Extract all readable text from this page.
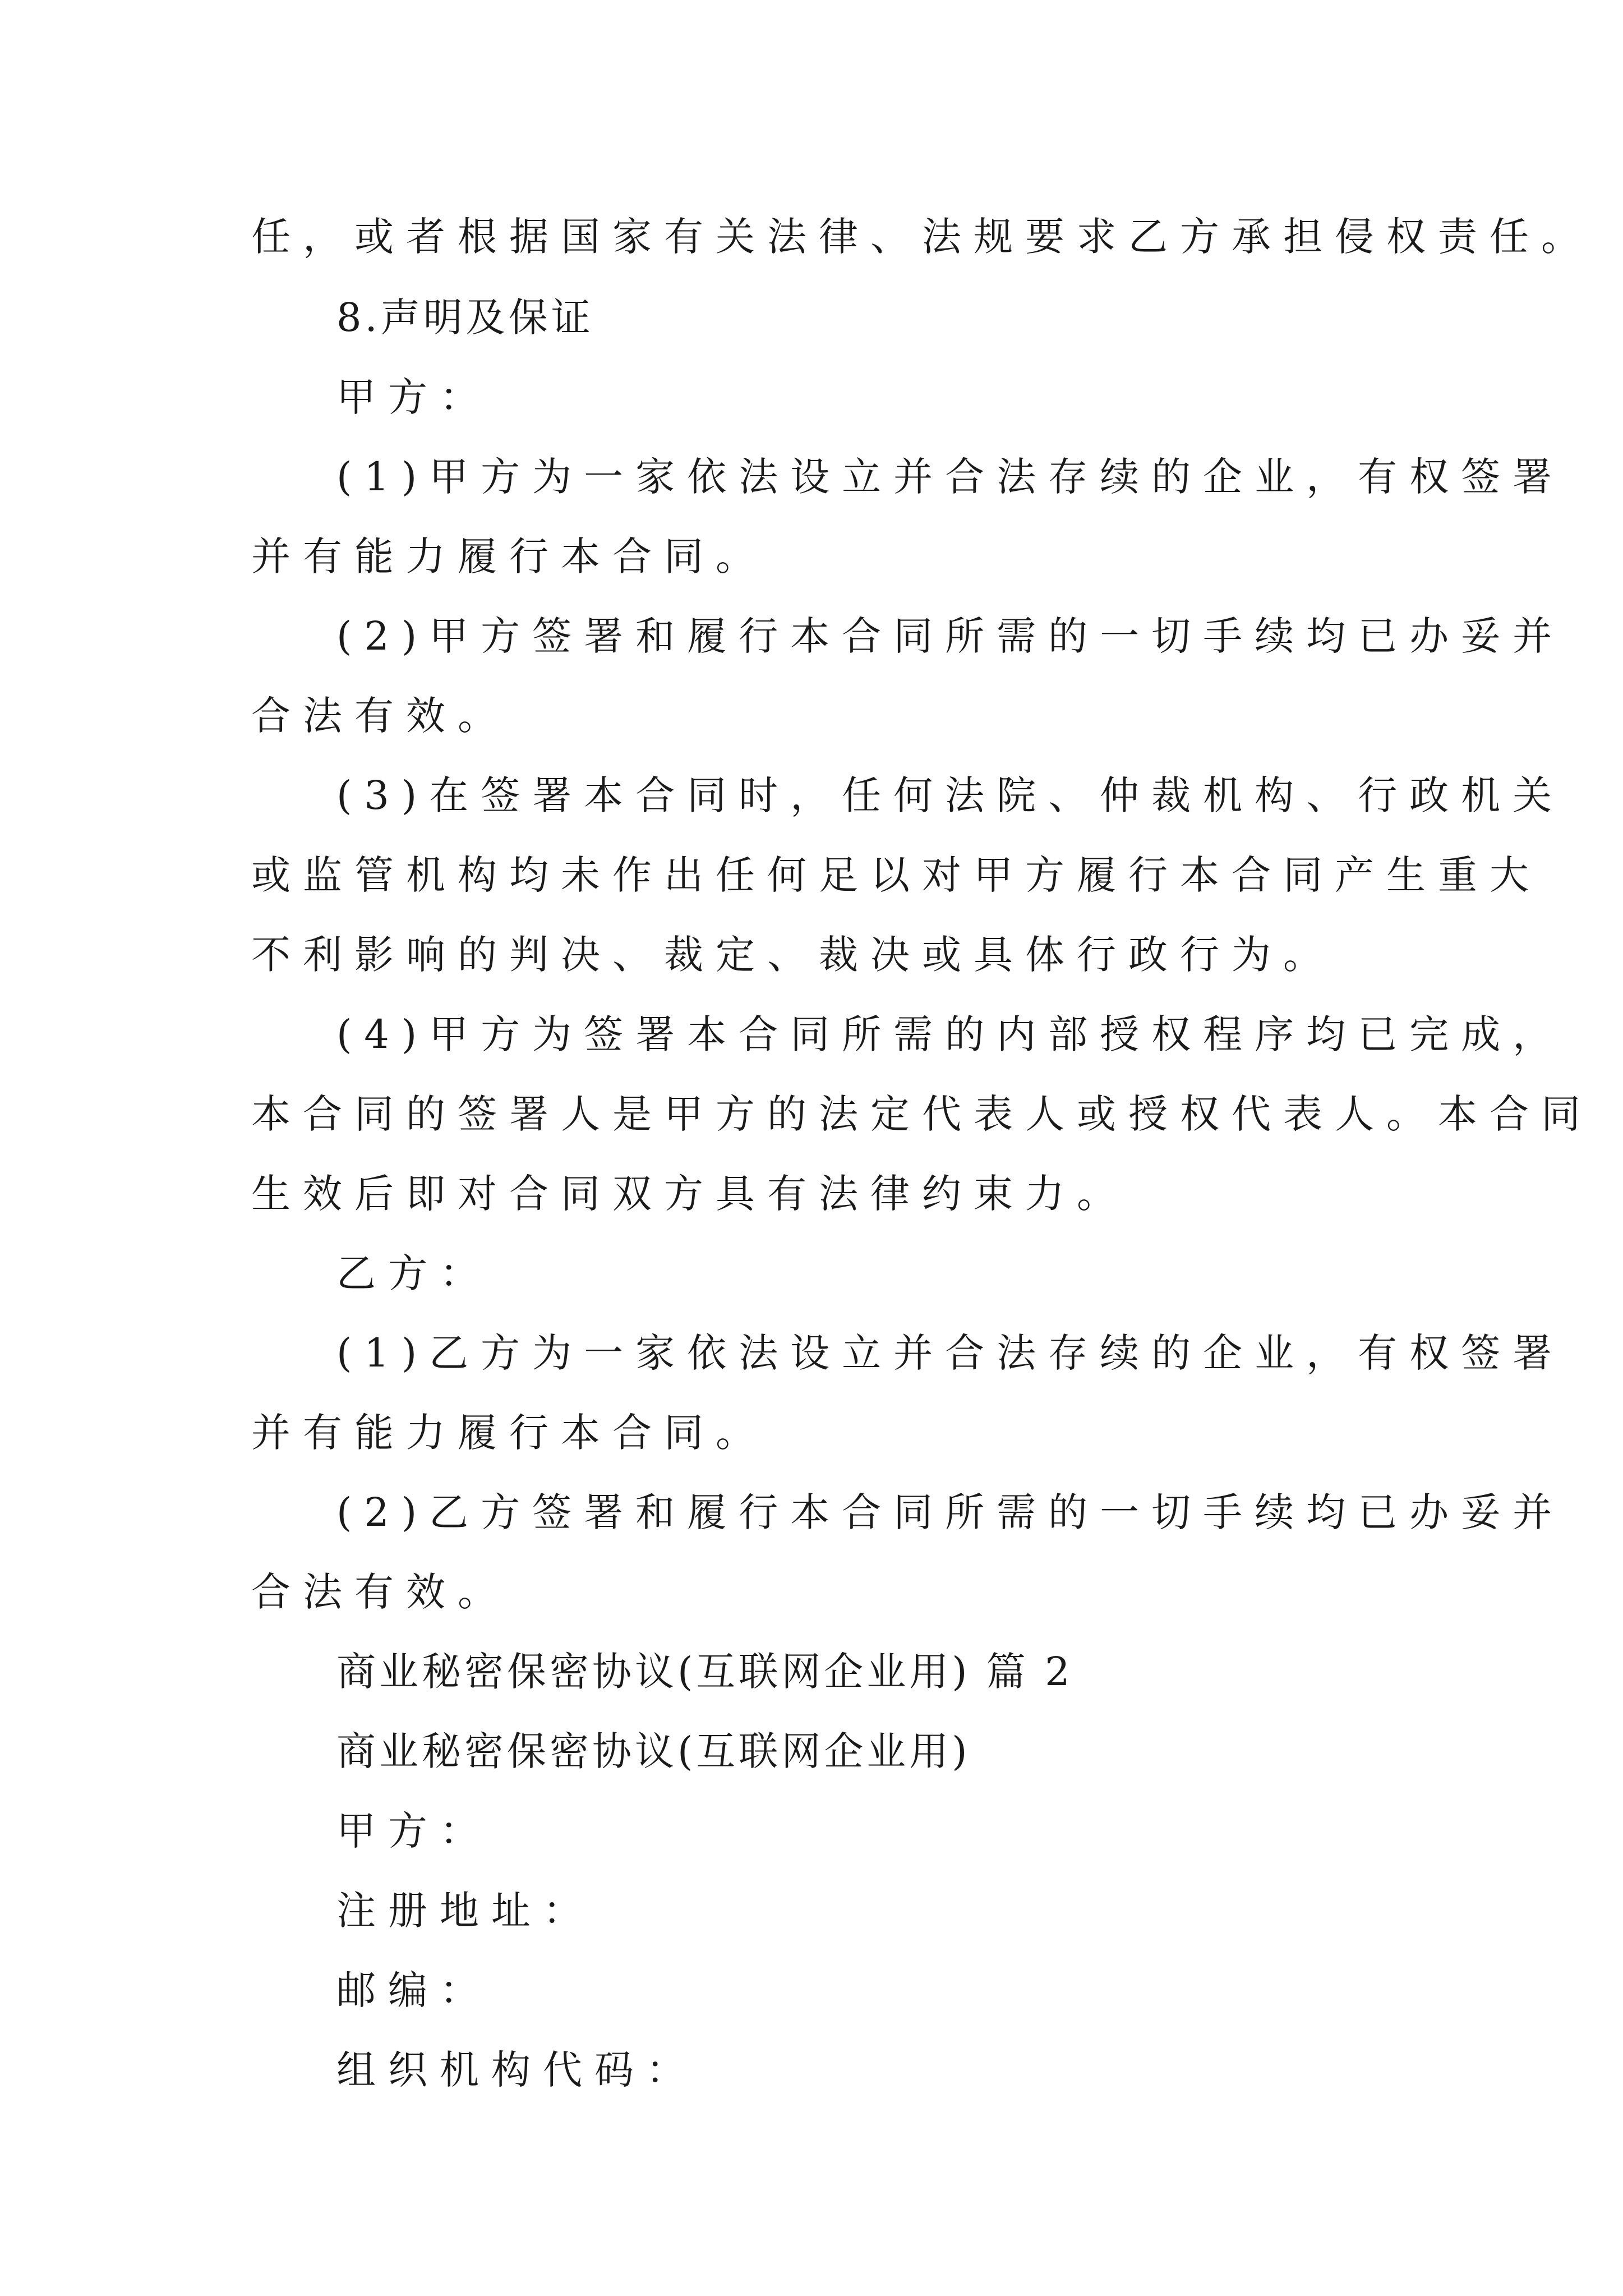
任，或者根据国家有关法律、法规要求乙方承担侵权责任。
8.声明及保证
甲方：
(1)甲方为一家依法设立并合法存续的企业，有权签署
并有能力履行本合同。
(2)甲方签署和履行本合同所需的一切手续均已办妥并
合法有效。
(3)在签署本合同时，任何法院、仲裁机构、行政机关
或监管机构均未作出任何足以对甲方履行本合同产生重大
不利影响的判决、裁定、裁决或具体行政行为。
(4)甲方为签署本合同所需的内部授权程序均已完成，
本合同的签署人是甲方的法定代表人或授权代表人。本合同
生效后即对合同双方具有法律约束力。
乙方：
(1)乙方为一家依法设立并合法存续的企业，有权签署
并有能力履行本合同。
(2)乙方签署和履行本合同所需的一切手续均已办妥并
合法有效。
商业秘密保密协议(互联网企业用) 篇 2
商业秘密保密协议(互联网企业用)
甲方：
注册地址：
邮编：
组织机构代码：
